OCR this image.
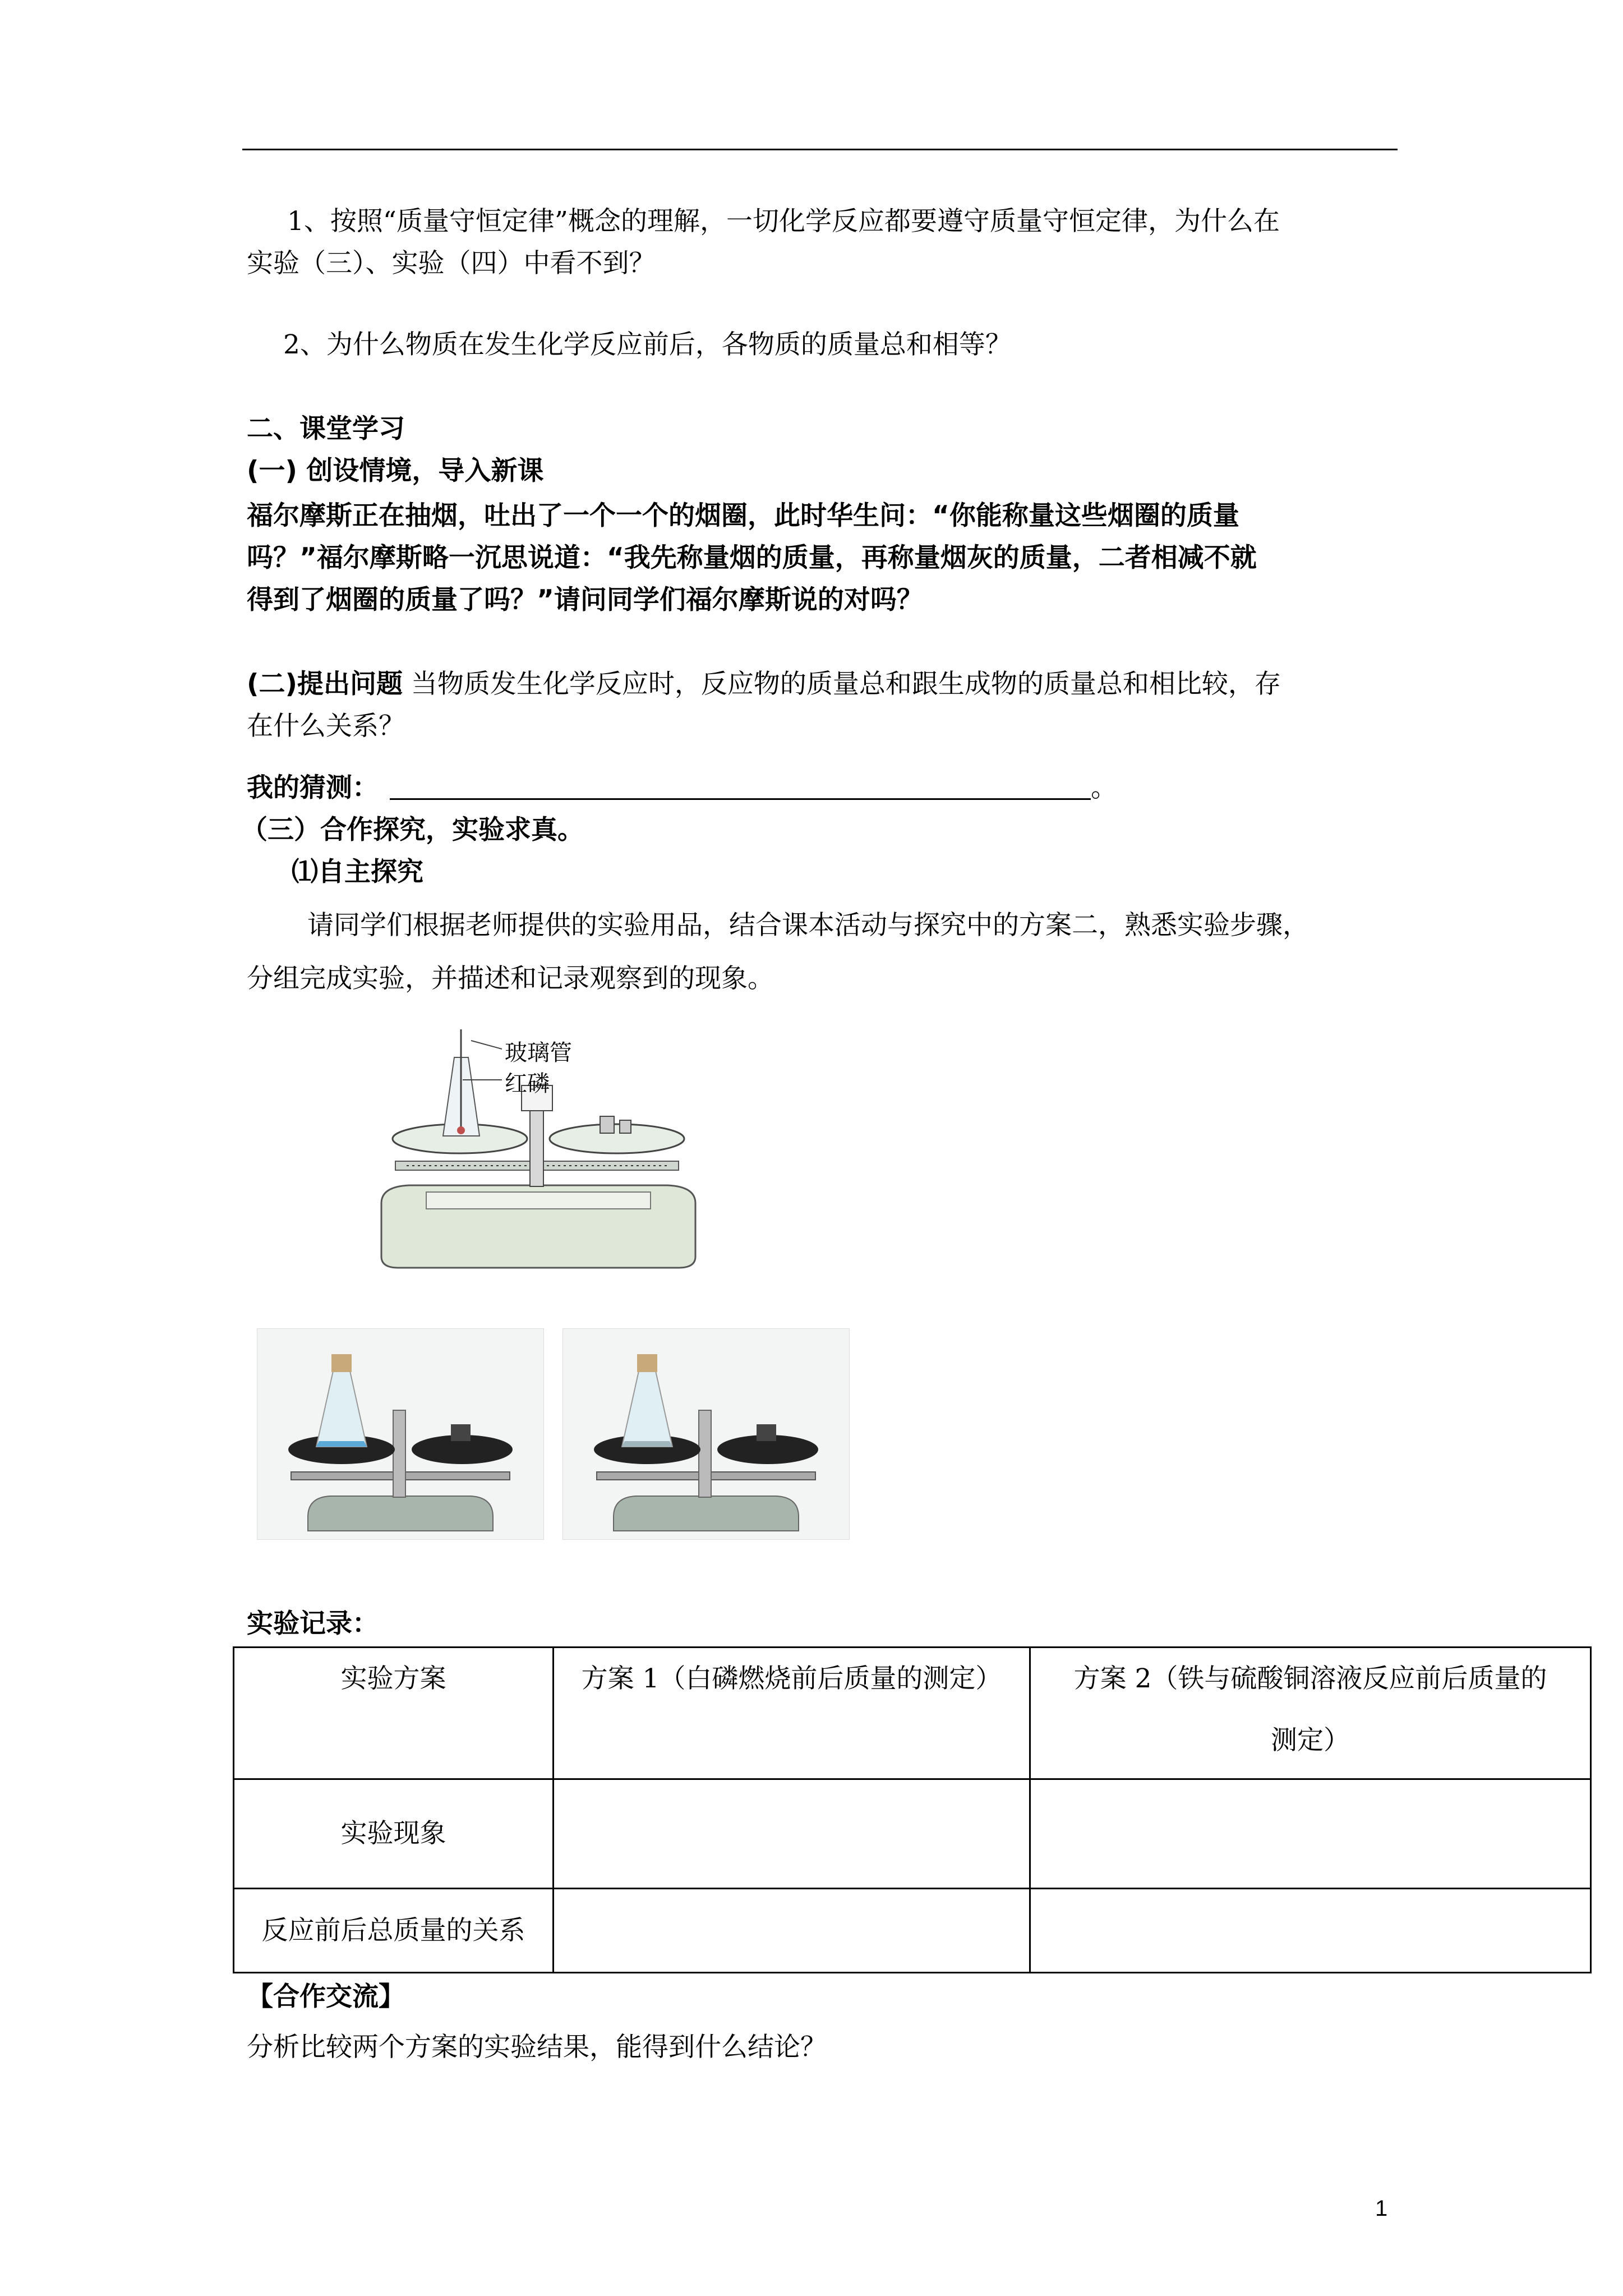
1、按照“质量守恒定律”概念的理解，一切化学反应都要遵守质量守恒定律，为什么在
实验（三）、实验（四）中看不到？
2、为什么物质在发生化学反应前后，各物质的质量总和相等？
二、课堂学习
(一) 创设情境，导入新课
福尔摩斯正在抽烟，吐出了一个一个的烟圈，此时华生问：“你能称量这些烟圈的质量
吗？”福尔摩斯略一沉思说道：“我先称量烟的质量，再称量烟灰的质量，二者相减不就
得到了烟圈的质量了吗？”请问同学们福尔摩斯说的对吗？
(二)提出问题 当物质发生化学反应时，反应物的质量总和跟生成物的质量总和相比较，存
在什么关系？
我的猜测：	。
（三）合作探究，实验求真。
⑴自主探究
请同学们根据老师提供的实验用品，结合课本活动与探究中的方案二，熟悉实验步骤，
分组完成实验，并描述和记录观察到的现象。
玻璃管
红磷
实验记录：
实验方案	方案 1（白磷燃烧前后质量的测定）	方案 2（铁与硫酸铜溶液反应前后质量的
测定）

实验现象		
反应前后总质量的关系		
【合作交流】
分析比较两个方案的实验结果，能得到什么结论？
1
